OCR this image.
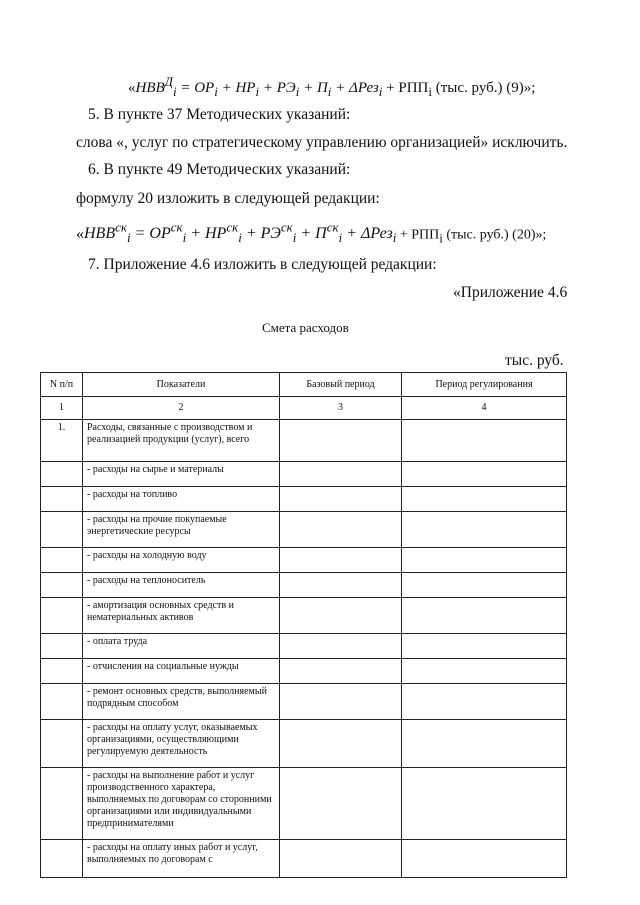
«$НВВ^Д_i = ОР_i + НР_i + РЭ_i + П_i + \Delta Рез_i + РПП_i$ (тыс. руб.) (9)»;
5. В пункте 37 Методических указаний:
слова «, услуг по стратегическому управлению организацией» исключить.
6. В пункте 49 Методических указаний:
формулу 20 изложить в следующей редакции:
«$НВВ^{ск}_i = ОР^{ск}_i + НР^{ск}_i + РЭ^{ск}_i + П^{ск}_i + \Delta Рез_i + РПП_i$ (тыс. руб.) (20)»;
7. Приложение 4.6 изложить в следующей редакции:
«Приложение 4.6
Смета расходов
тыс. руб.
N п/п	Показатели	Базовый период	Период регулирования
1	2	3	4
1.	Расходы, связанные с производством и реализацией продукции (услуг), всего		
	- расходы на сырье и материалы		
	- расходы на топливо		
	- расходы на прочие покупаемые энергетические ресурсы		
	- расходы на холодную воду		
	- расходы на теплоноситель		
	- амортизация основных средств и нематериальных активов		
	- оплата труда		
	- отчисления на социальные нужды		
	- ремонт основных средств, выполняемый подрядным способом		
	- расходы на оплату услуг, оказываемых организациями, осуществляющими регулируемую деятельность		
	- расходы на выполнение работ и услуг производственного характера, выполняемых по договорам со сторонними организациями или индивидуальными предпринимателями		
	- расходы на оплату иных работ и услуг, выполняемых по договорам с		
